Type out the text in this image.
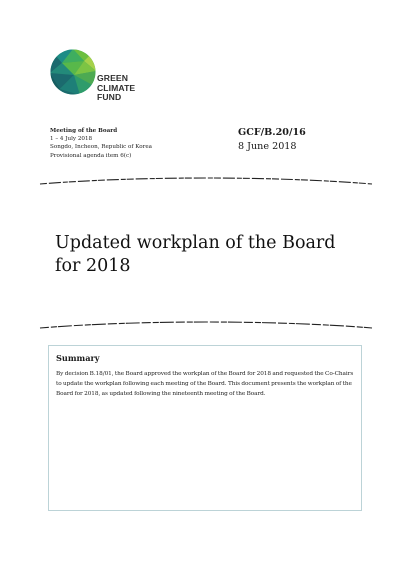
GREEN
CLIMATE
FUND
Meeting of the Board
1 – 4 July 2018
Songdo, Incheon, Republic of Korea
Provisional agenda item 6(c)
GCF/B.20/16
8 June 2018
Updated workplan of the Board for 2018
Summary
By decision B.18/01, the Board approved the workplan of the Board for 2018 and requested the Co-Chairs to update the workplan following each meeting of the Board. This document presents the workplan of the Board for 2018, as updated following the nineteenth meeting of the Board.
